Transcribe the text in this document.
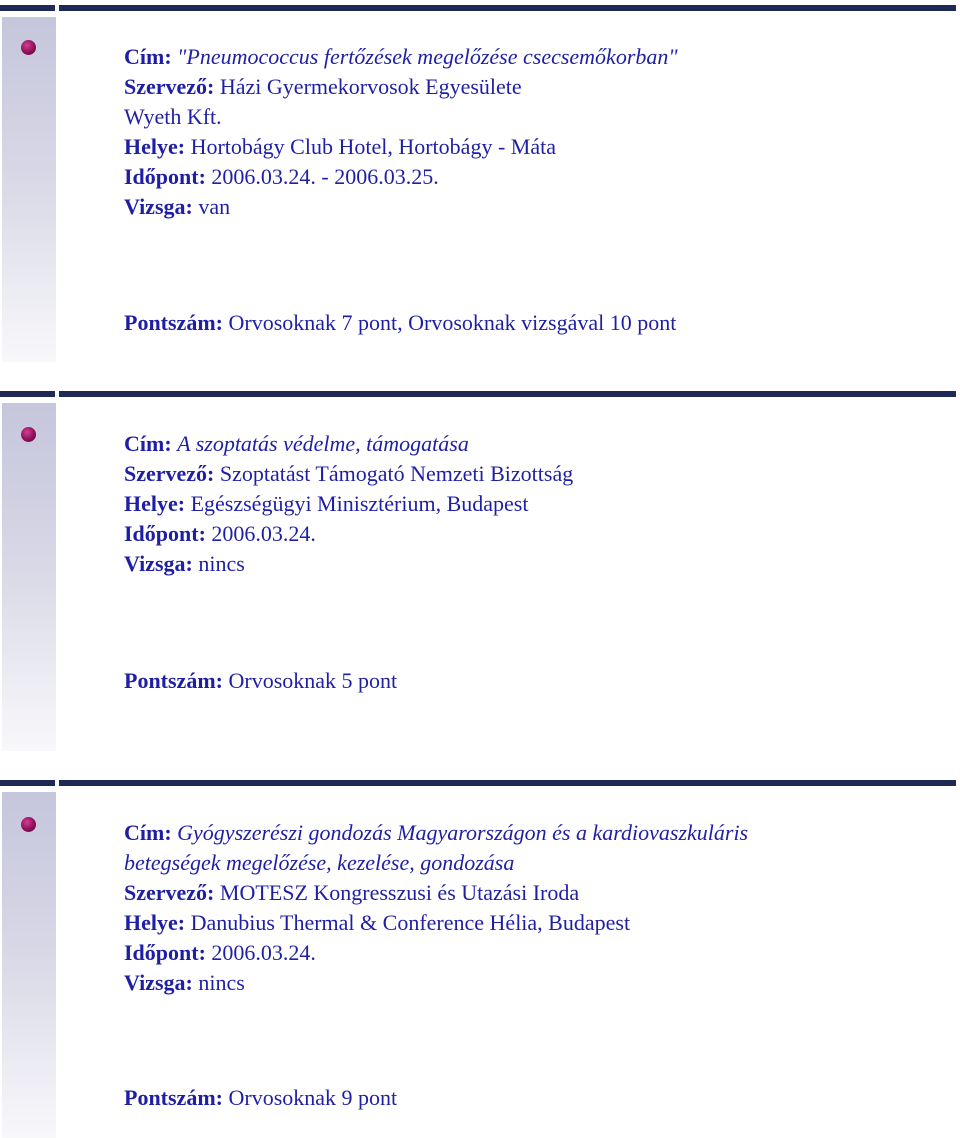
Cím: "Pneumococcus fertőzések megelőzése csecsemőkorban"
Szervező: Házi Gyermekorvosok Egyesülete
Wyeth Kft.
Helye: Hortobágy Club Hotel, Hortobágy - Máta
Időpont: 2006.03.24. - 2006.03.25.
Vizsga: van
Pontszám: Orvosoknak 7 pont, Orvosoknak vizsgával 10 pont
Cím: A szoptatás védelme, támogatása
Szervező: Szoptatást Támogató Nemzeti Bizottság
Helye: Egészségügyi Minisztérium, Budapest
Időpont: 2006.03.24.
Vizsga: nincs
Pontszám: Orvosoknak 5 pont
Cím: Gyógyszerészi gondozás Magyarországon és a kardiovaszkuláris
betegségek megelőzése, kezelése, gondozása
Szervező: MOTESZ Kongresszusi és Utazási Iroda
Helye: Danubius Thermal & Conference Hélia, Budapest
Időpont: 2006.03.24.
Vizsga: nincs
Pontszám: Orvosoknak 9 pont
